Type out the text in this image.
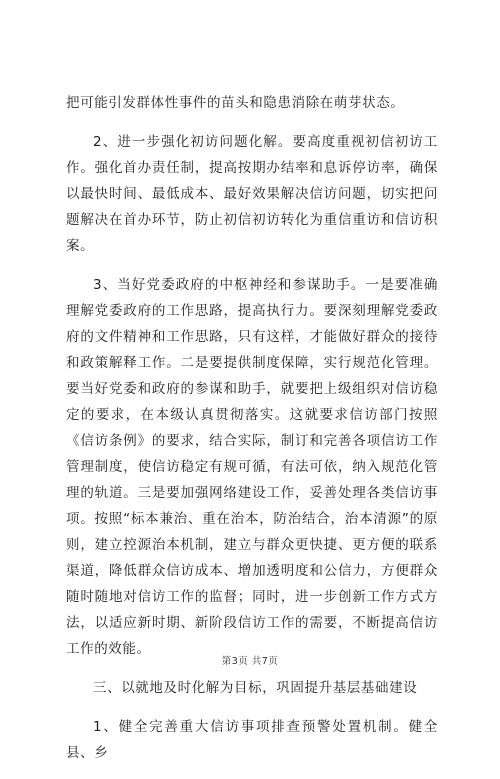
把可能引发群体性事件的苗头和隐患消除在萌芽状态。

2、进一步强化初访问题化解。要高度重视初信初访工作。强化首办责任制，提高按期办结率和息诉停访率，确保以最快时间、最低成本、最好效果解决信访问题，切实把问题解决在首办环节，防止初信初访转化为重信重访和信访积案。

3、当好党委政府的中枢神经和参谋助手。一是要准确理解党委政府的工作思路，提高执行力。要深刻理解党委政府的文件精神和工作思路，只有这样，才能做好群众的接待和政策解释工作。二是要提供制度保障，实行规范化管理。要当好党委和政府的参谋和助手，就要把上级组织对信访稳定的要求，在本级认真贯彻落实。这就要求信访部门按照《信访条例》的要求，结合实际，制订和完善各项信访工作管理制度，使信访稳定有规可循，有法可依，纳入规范化管理的轨道。三是要加强网络建设工作，妥善处理各类信访事项。按照“标本兼治、重在治本，防治结合，治本清源”的原则，建立控源治本机制，建立与群众更快捷、更方便的联系渠道，降低群众信访成本、增加透明度和公信力，方便群众随时随地对信访工作的监督；同时，进一步创新工作方式方法，以适应新时期、新阶段信访工作的需要，不断提高信访工作的效能。

三、以就地及时化解为目标，巩固提升基层基础建设

1、健全完善重大信访事项排查预警处置机制。健全县、乡

第3页 共7页
